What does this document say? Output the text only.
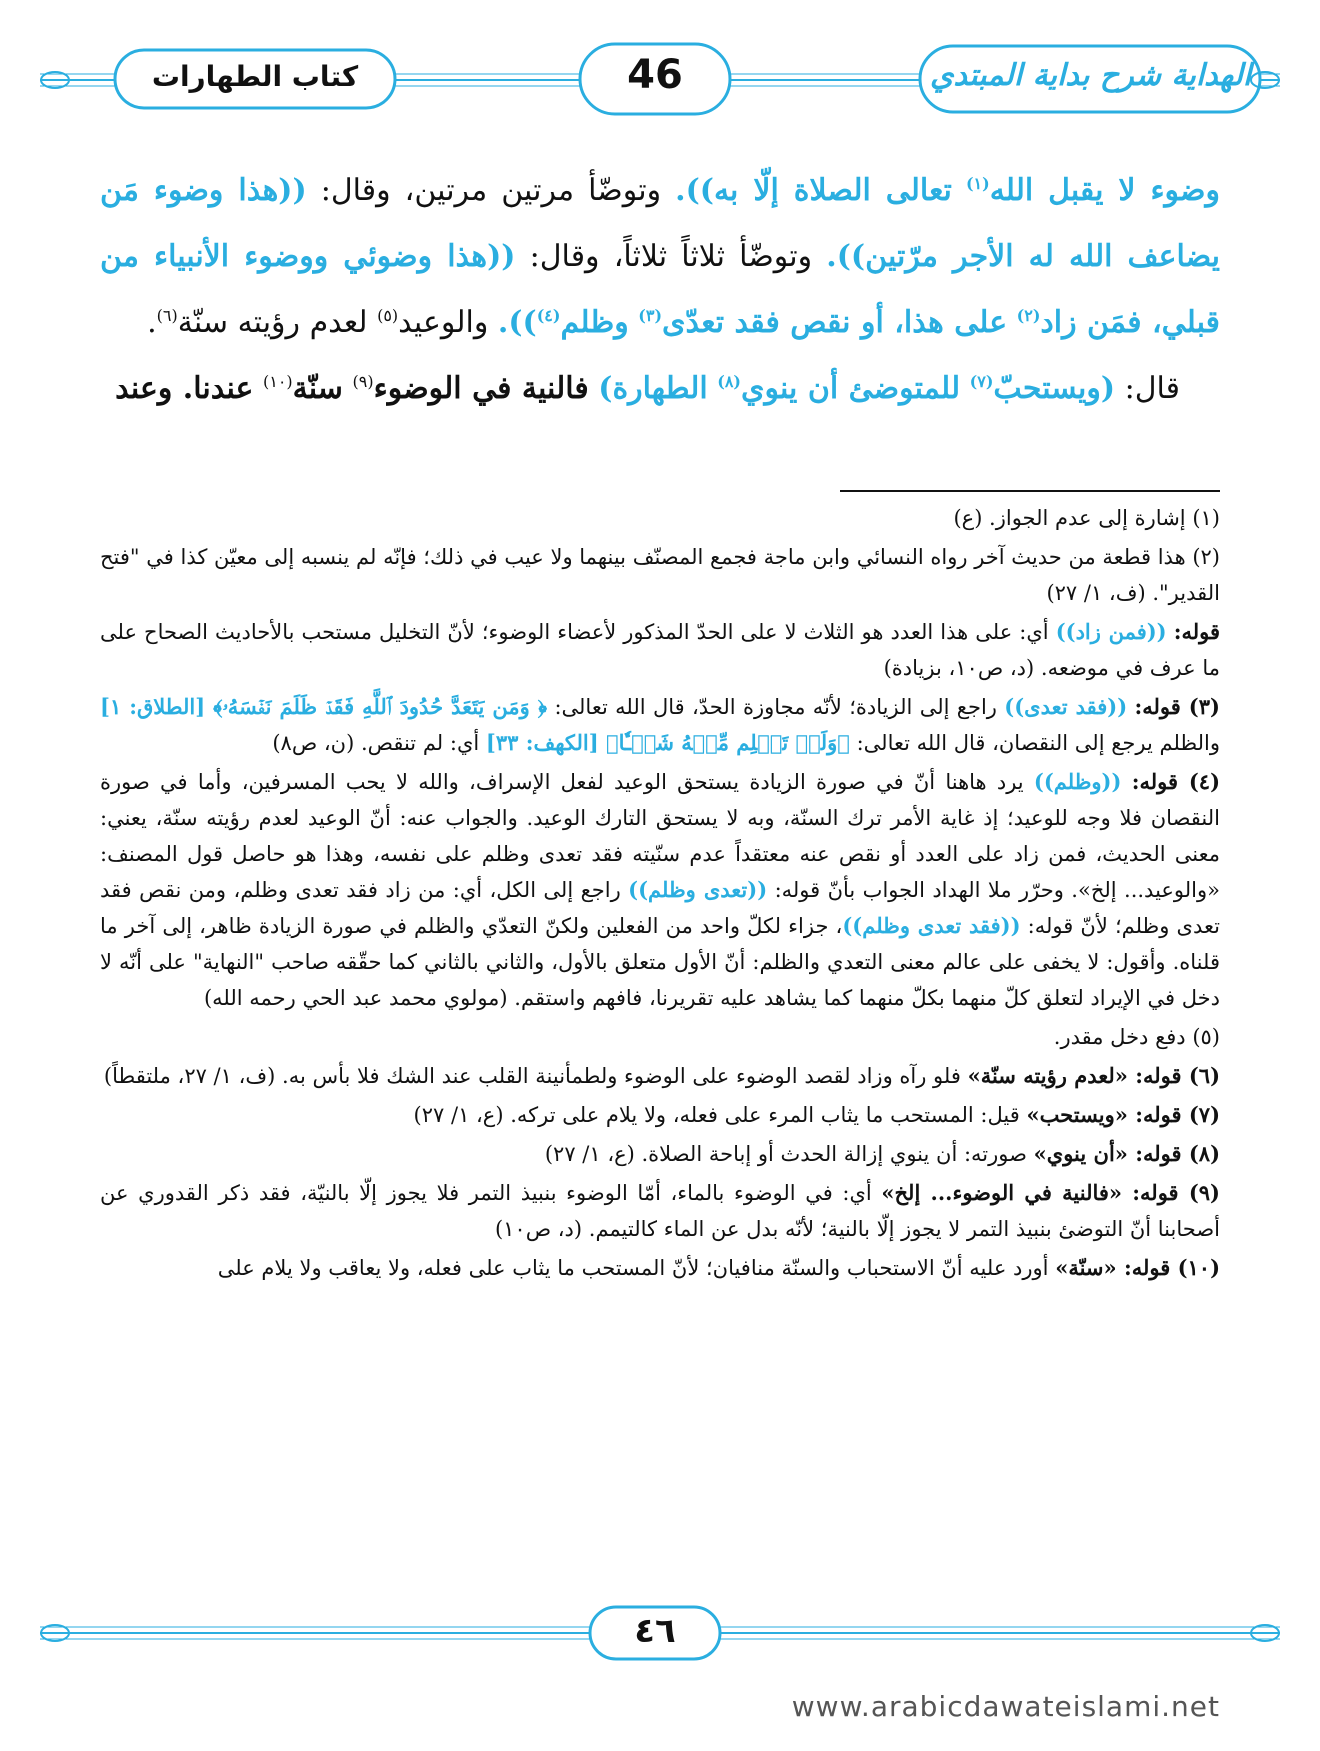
الهداية شرح بداية المبتدي
46
كتاب الطهارات

وضوء لا يقبل الله$^{(١)}$ تعالى الصلاة إلّا به)). وتوضّأ مرتين مرتين، وقال: ((هذا وضوء مَن يضاعف الله له الأجر مرّتين)). وتوضّأ ثلاثاً ثلاثاً، وقال: ((هذا وضوئي ووضوء الأنبياء من قبلي، فمَن زاد$^{(٢)}$ على هذا، أو نقص فقد تعدّى$^{(٣)}$ وظلم$^{(٤)}$)). والوعيد$^{(٥)}$ لعدم رؤيته سنّة$^{(٦)}$.

قال: (ويستحبّ$^{(٧)}$ للمتوضئ أن ينوي$^{(٨)}$ الطهارة) فالنية في الوضوء$^{(٩)}$ سنّة$^{(١٠)}$ عندنا. وعند

(١) إشارة إلى عدم الجواز. (ع)

(٢) هذا قطعة من حديث آخر رواه النسائي وابن ماجة فجمع المصنّف بينهما ولا عيب في ذلك؛ فإنّه لم ينسبه إلى معيّن كذا في "فتح القدير". (ف، ١/ ٢٧)

قوله: ((فمن زاد)) أي: على هذا العدد هو الثلاث لا على الحدّ المذكور لأعضاء الوضوء؛ لأنّ التخليل مستحب بالأحاديث الصحاح على ما عرف في موضعه. (د، ص١٠، بزيادة)

(٣) قوله: ((فقد تعدى)) راجع إلى الزيادة؛ لأنّه مجاوزة الحدّ، قال الله تعالى: ﴿ وَمَن يَتَعَدَّ حُدُودَ ٱللَّهِ فَقَدۡ ظَلَمَ نَفۡسَهُۥ﴾ [الطلاق: ١] والظلم يرجع إلى النقصان، قال الله تعالى: ﴿وَلَمۡ تَظۡلِم مِّنۡهُ شَيۡـٔٗا﴾ [الكهف: ٣٣] أي: لم تنقص. (ن، ص٨)

(٤) قوله: ((وظلم)) يرد هاهنا أنّ في صورة الزيادة يستحق الوعيد لفعل الإسراف، والله لا يحب المسرفين، وأما في صورة النقصان فلا وجه للوعيد؛ إذ غاية الأمر ترك السنّة، وبه لا يستحق التارك الوعيد. والجواب عنه: أنّ الوعيد لعدم رؤيته سنّة، يعني: معنى الحديث، فمن زاد على العدد أو نقص عنه معتقداً عدم سنّيته فقد تعدى وظلم على نفسه، وهذا هو حاصل قول المصنف: «والوعيد... إلخ». وحرّر ملا الهداد الجواب بأنّ قوله: ((تعدى وظلم)) راجع إلى الكل، أي: من زاد فقد تعدى وظلم، ومن نقص فقد تعدى وظلم؛ لأنّ قوله: ((فقد تعدى وظلم))، جزاء لكلّ واحد من الفعلين ولكنّ التعدّي والظلم في صورة الزيادة ظاهر، إلى آخر ما قلناه. وأقول: لا يخفى على عالم معنى التعدي والظلم: أنّ الأول متعلق بالأول، والثاني بالثاني كما حقّقه صاحب "النهاية" على أنّه لا دخل في الإيراد لتعلق كلّ منهما بكلّ منهما كما يشاهد عليه تقريرنا، فافهم واستقم. (مولوي محمد عبد الحي رحمه الله)

(٥) دفع دخل مقدر.

(٦) قوله: «لعدم رؤيته سنّة» فلو رآه وزاد لقصد الوضوء على الوضوء ولطمأنينة القلب عند الشك فلا بأس به. (ف، ١/ ٢٧، ملتقطاً)

(٧) قوله: «ويستحب» قيل: المستحب ما يثاب المرء على فعله، ولا يلام على تركه. (ع، ١/ ٢٧)

(٨) قوله: «أن ينوي» صورته: أن ينوي إزالة الحدث أو إباحة الصلاة. (ع، ١/ ٢٧)

(٩) قوله: «فالنية في الوضوء... إلخ» أي: في الوضوء بالماء، أمّا الوضوء بنبيذ التمر فلا يجوز إلّا بالنيّة، فقد ذكر القدوري عن أصحابنا أنّ التوضئ بنبيذ التمر لا يجوز إلّا بالنية؛ لأنّه بدل عن الماء كالتيمم. (د، ص١٠)

(١٠) قوله: «سنّة» أورد عليه أنّ الاستحباب والسنّة منافيان؛ لأنّ المستحب ما يثاب على فعله، ولا يعاقب ولا يلام على

٤٦
www.arabicdawateislami.net
